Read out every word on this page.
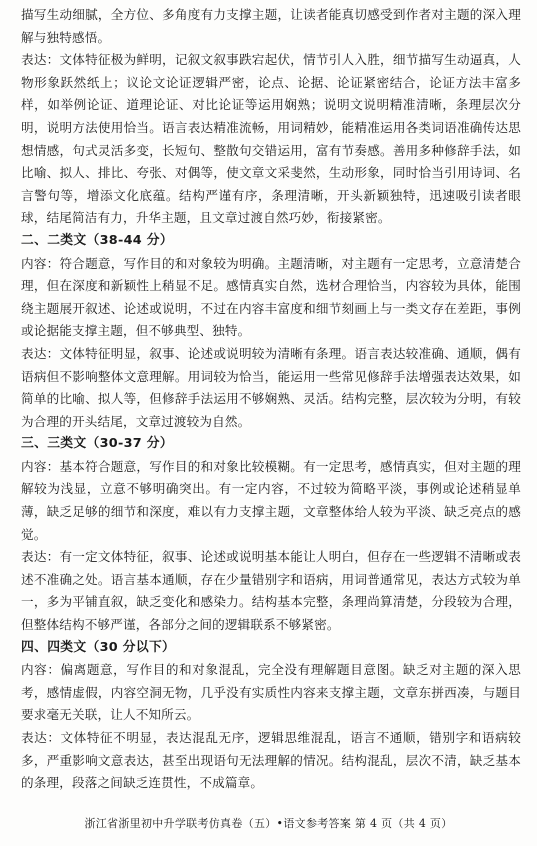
描写生动细腻，全方位、多角度有力支撑主题，让读者能真切感受到作者对主题的深入理解与独特感悟。

表达：文体特征极为鲜明，记叙文叙事跌宕起伏，情节引人入胜，细节描写生动逼真，人物形象跃然纸上；议论文论证逻辑严密，论点、论据、论证紧密结合，论证方法丰富多样，如举例论证、道理论证、对比论证等运用娴熟；说明文说明精准清晰，条理层次分明，说明方法使用恰当。语言表达精准流畅，用词精妙，能精准运用各类词语准确传达思想情感，句式灵活多变，长短句、整散句交错运用，富有节奏感。善用多种修辞手法，如比喻、拟人、排比、夸张、对偶等，使文章文采斐然，生动形象，同时恰当引用诗词、名言警句等，增添文化底蕴。结构严谨有序，条理清晰，开头新颖独特，迅速吸引读者眼球，结尾简洁有力，升华主题，且文章过渡自然巧妙，衔接紧密。

二、二类文（38-44 分）

内容：符合题意，写作目的和对象较为明确。主题清晰，对主题有一定思考，立意清楚合理，但在深度和新颖性上稍显不足。感情真实自然，选材合理恰当，内容较为具体，能围绕主题展开叙述、论述或说明，不过在内容丰富度和细节刻画上与一类文存在差距，事例或论据能支撑主题，但不够典型、独特。

表达：文体特征明显，叙事、论述或说明较为清晰有条理。语言表达较准确、通顺，偶有语病但不影响整体文意理解。用词较为恰当，能运用一些常见修辞手法增强表达效果，如简单的比喻、拟人等，但修辞手法运用不够娴熟、灵活。结构完整，层次较为分明，有较为合理的开头结尾，文章过渡较为自然。

三、三类文（30-37 分）

内容：基本符合题意，写作目的和对象比较模糊。有一定思考，感情真实，但对主题的理解较为浅显，立意不够明确突出。有一定内容，不过较为简略平淡，事例或论述稍显单薄，缺乏足够的细节和深度，难以有力支撑主题，文章整体给人较为平淡、缺乏亮点的感觉。

表达：有一定文体特征，叙事、论述或说明基本能让人明白，但存在一些逻辑不清晰或表述不准确之处。语言基本通顺，存在少量错别字和语病，用词普通常见，表达方式较为单一，多为平铺直叙，缺乏变化和感染力。结构基本完整，条理尚算清楚，分段较为合理，但整体结构不够严谨，各部分之间的逻辑联系不够紧密。

四、四类文（30 分以下）

内容：偏离题意，写作目的和对象混乱，完全没有理解题目意图。缺乏对主题的深入思考，感情虚假，内容空洞无物，几乎没有实质性内容来支撑主题，文章东拼西凑，与题目要求毫无关联，让人不知所云。

表达：文体特征不明显，表达混乱无序，逻辑思维混乱，语言不通顺，错别字和语病较多，严重影响文意表达，甚至出现语句无法理解的情况。结构混乱，层次不清，缺乏基本的条理，段落之间缺乏连贯性，不成篇章。

浙江省浙里初中升学联考仿真卷（五）•语文参考答案 第 4 页（共 4 页）
